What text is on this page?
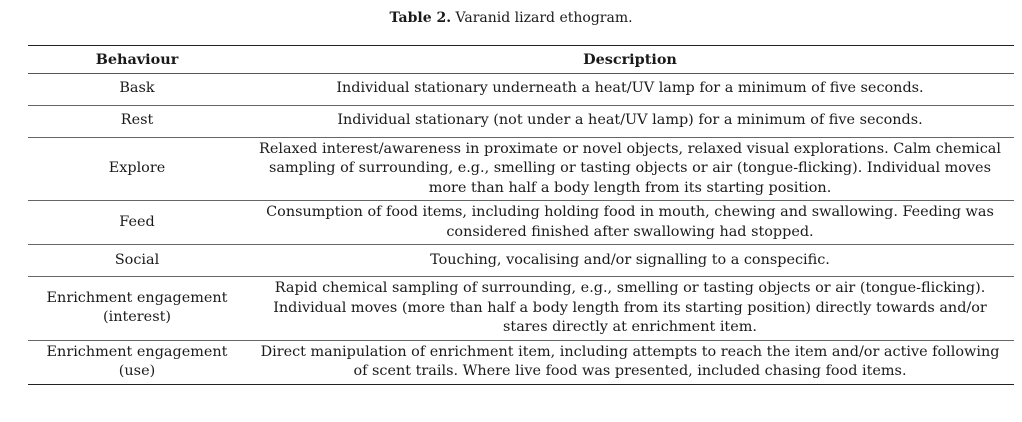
Table 2. Varanid lizard ethogram.
Behaviour	Description
Bask	Individual stationary underneath a heat/UV lamp for a minimum of five seconds.
Rest	Individual stationary (not under a heat/UV lamp) for a minimum of five seconds.
Explore	Relaxed interest/awareness in proximate or novel objects, relaxed visual explorations. Calm chemical sampling of surrounding, e.g., smelling or tasting objects or air (tongue-flicking). Individual moves more than half a body length from its starting position.
Feed	Consumption of food items, including holding food in mouth, chewing and swallowing. Feeding was considered finished after swallowing had stopped.
Social	Touching, vocalising and/or signalling to a conspecific.
Enrichment engagement (interest)	Rapid chemical sampling of surrounding, e.g., smelling or tasting objects or air (tongue-flicking). Individual moves (more than half a body length from its starting position) directly towards and/or stares directly at enrichment item.
Enrichment engagement (use)	Direct manipulation of enrichment item, including attempts to reach the item and/or active following of scent trails. Where live food was presented, included chasing food items.
